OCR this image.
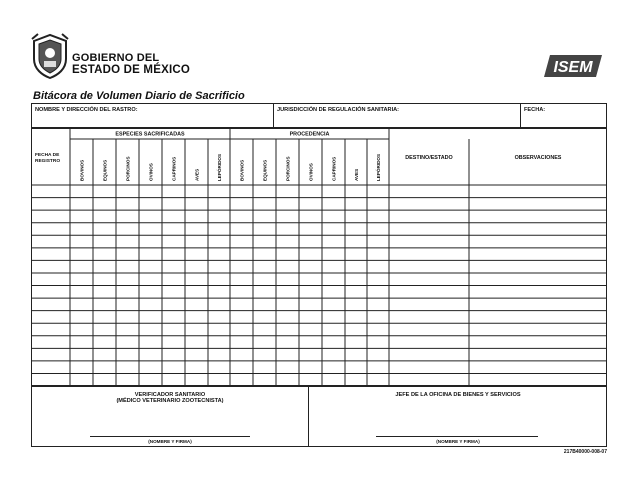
GOBIERNO DEL
ESTADO DE MÉXICO	ISEM
Bitácora de Volumen Diario de Sacrificio
NOMBRE Y DIRECCIÓN DEL RASTRO:	JURISDICCIÓN DE REGULACIÓN SANITARIA:	FECHA:
ESPECIES SACRIFICADAS	PROCEDENCIA
FECHA DE
REGISTRO	BOVINOS	EQUINOS	PORCINOS	OVINOS	CAPRINOS	AVES	LEPÓRIDOS	BOVINOS	EQUINOS	PORCINOS	OVINOS	CAPRINOS	AVES	LEPÓRIDOS	DESTINO/ESTADO	OBSERVACIONES
VERIFICADOR SANITARIO
(MÉDICO VETERINARIO ZOOTECNISTA)
(NOMBRE Y FIRMA)
JEFE DE LA OFICINA DE BIENES Y SERVICIOS
(NOMBRE Y FIRMA)
217B40000-008-07
